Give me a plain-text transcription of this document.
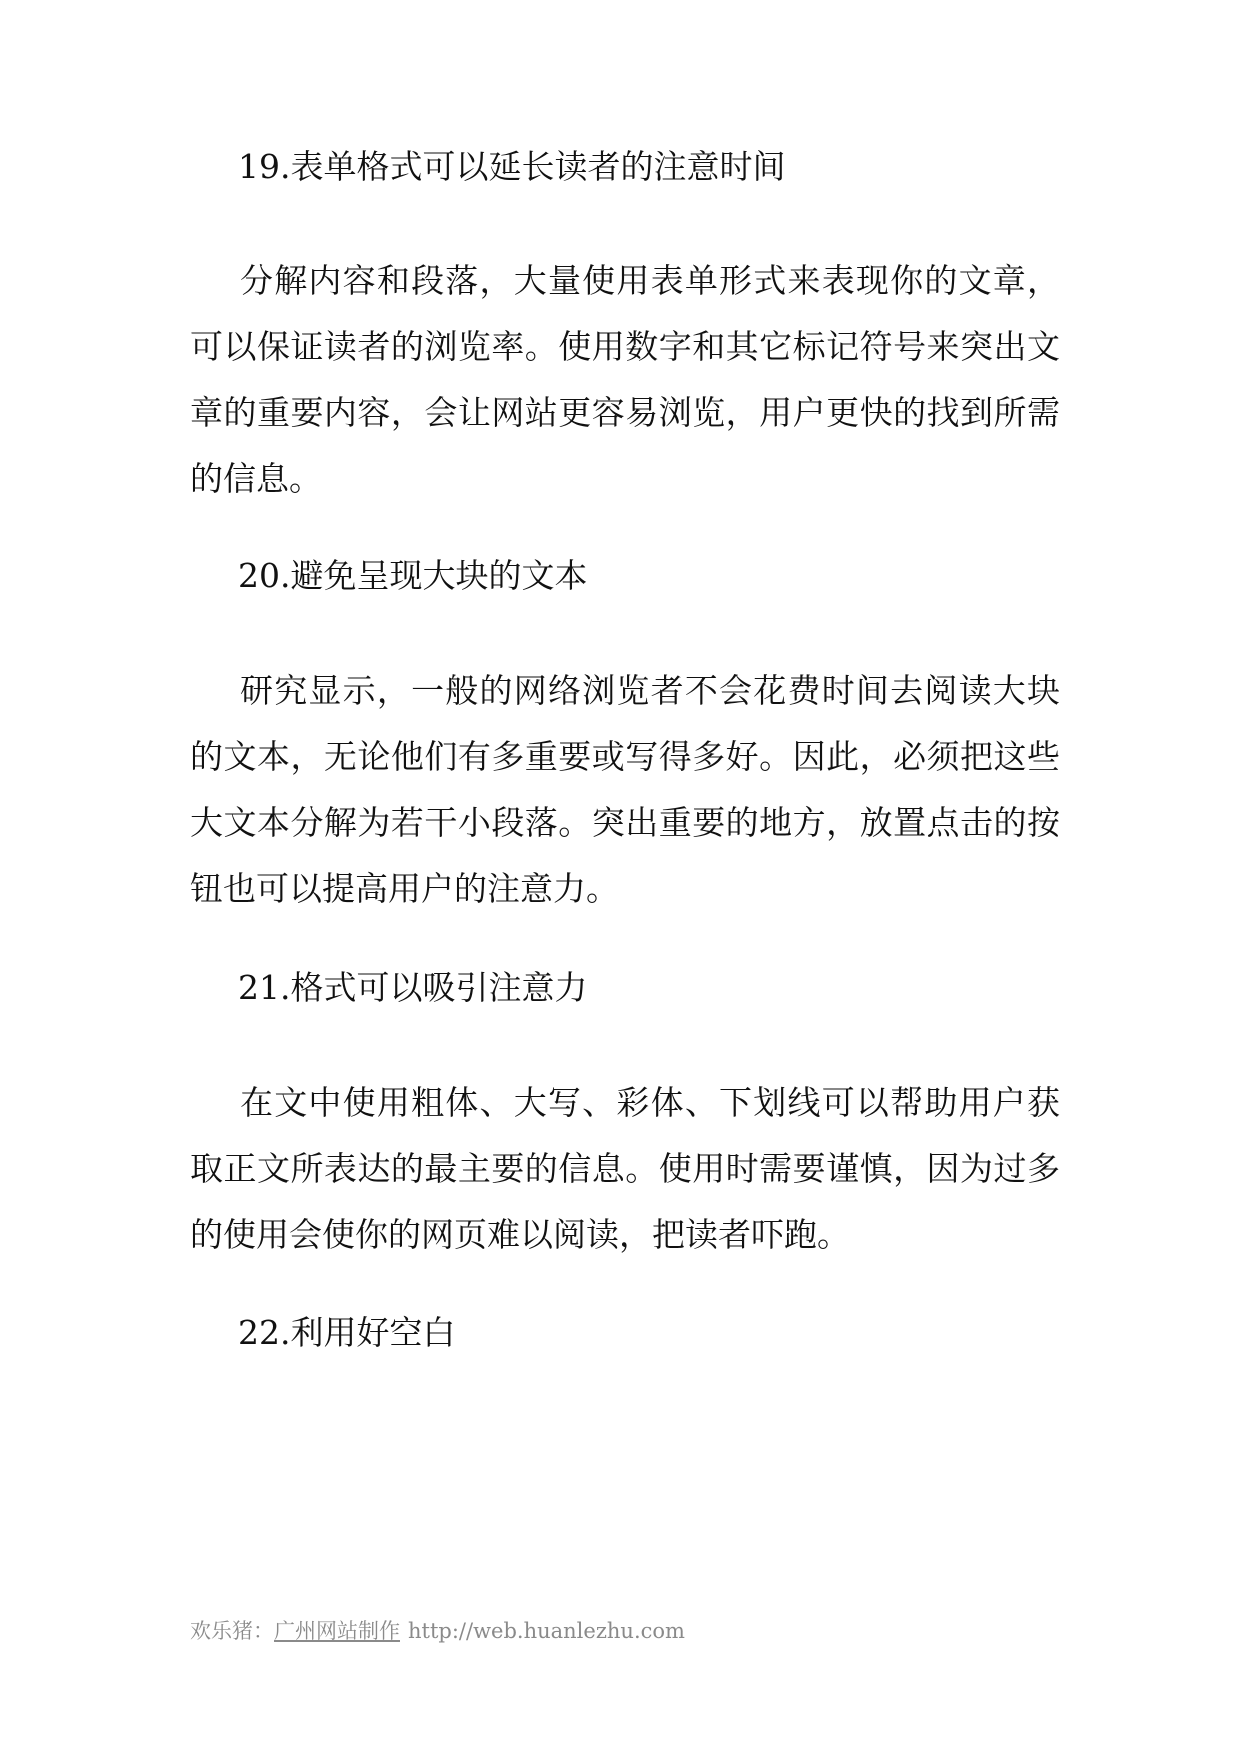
19.表单格式可以延长读者的注意时间

分解内容和段落，大量使用表单形式来表现你的文章，可以保证读者的浏览率。使用数字和其它标记符号来突出文章的重要内容，会让网站更容易浏览，用户更快的找到所需的信息。

20.避免呈现大块的文本

研究显示，一般的网络浏览者不会花费时间去阅读大块的文本，无论他们有多重要或写得多好。因此，必须把这些大文本分解为若干小段落。突出重要的地方，放置点击的按钮也可以提高用户的注意力。

21.格式可以吸引注意力

在文中使用粗体、大写、彩体、下划线可以帮助用户获取正文所表达的最主要的信息。使用时需要谨慎，因为过多的使用会使你的网页难以阅读，把读者吓跑。

22.利用好空白
欢乐猪：广州网站制作 http://web.huanlezhu.com
